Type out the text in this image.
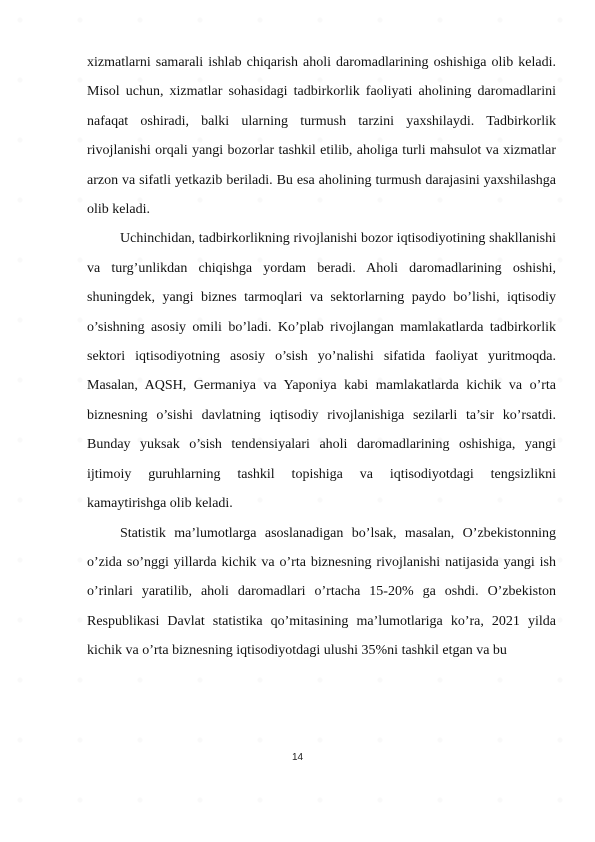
xizmatlarni samarali ishlab chiqarish aholi daromadlarining oshishiga olib keladi. Misol uchun, xizmatlar sohasidagi tadbirkorlik faoliyati aholining daromadlarini nafaqat oshiradi, balki ularning turmush tarzini yaxshilaydi. Tadbirkorlik rivojlanishi orqali yangi bozorlar tashkil etilib, aholiga turli mahsulot va xizmatlar arzon va sifatli yetkazib beriladi. Bu esa aholining turmush darajasini yaxshilashga olib keladi.

Uchinchidan, tadbirkorlikning rivojlanishi bozor iqtisodiyotining shakllanishi va turg’unlikdan chiqishga yordam beradi. Aholi daromadlarining oshishi, shuningdek, yangi biznes tarmoqlari va sektorlarning paydo bo’lishi, iqtisodiy o’sishning asosiy omili bo’ladi. Ko’plab rivojlangan mamlakatlarda tadbirkorlik sektori iqtisodiyotning asosiy o’sish yo’nalishi sifatida faoliyat yuritmoqda. Masalan, AQSH, Germaniya va Yaponiya kabi mamlakatlarda kichik va o’rta biznesning o’sishi davlatning iqtisodiy rivojlanishiga sezilarli ta’sir ko’rsatdi. Bunday yuksak o’sish tendensiyalari aholi daromadlarining oshishiga, yangi ijtimoiy guruhlarning tashkil topishiga va iqtisodiyotdagi tengsizlikni kamaytirishga olib keladi.

Statistik ma’lumotlarga asoslanadigan bo’lsak, masalan, O’zbekistonning o’zida so’nggi yillarda kichik va o’rta biznesning rivojlanishi natijasida yangi ish o’rinlari yaratilib, aholi daromadlari o’rtacha 15-20% ga oshdi. O’zbekiston Respublikasi Davlat statistika qo’mitasining ma’lumotlariga ko’ra, 2021 yilda kichik va o’rta biznesning iqtisodiyotdagi ulushi 35%ni tashkil etgan va bu

14
